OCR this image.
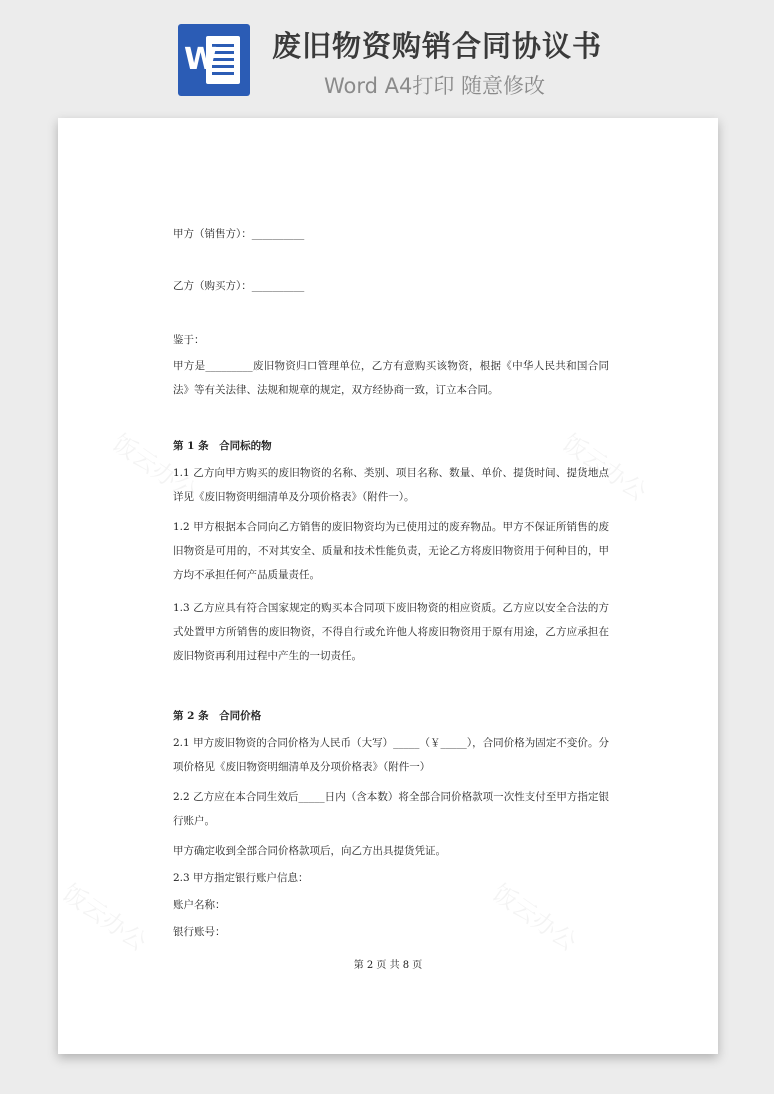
W 废旧物资购销合同协议书
Word A4打印 随意修改
甲方（销售方）：__________
乙方（购买方）：__________
鉴于：
甲方是_________废旧物资归口管理单位，乙方有意购买该物资，根据《中华人民共和国合同法》等有关法律、法规和规章的规定，双方经协商一致，订立本合同。
第 1 条　合同标的物
1.1 乙方向甲方购买的废旧物资的名称、类别、项目名称、数量、单价、提货时间、提货地点详见《废旧物资明细清单及分项价格表》（附件一）。
1.2 甲方根据本合同向乙方销售的废旧物资均为已使用过的废弃物品。甲方不保证所销售的废旧物资是可用的，不对其安全、质量和技术性能负责，无论乙方将废旧物资用于何种目的，甲方均不承担任何产品质量责任。
1.3 乙方应具有符合国家规定的购买本合同项下废旧物资的相应资质。乙方应以安全合法的方式处置甲方所销售的废旧物资，不得自行或允许他人将废旧物资用于原有用途，乙方应承担在废旧物资再利用过程中产生的一切责任。
第 2 条　合同价格
2.1 甲方废旧物资的合同价格为人民币（大写）_____（￥_____），合同价格为固定不变价。分项价格见《废旧物资明细清单及分项价格表》（附件一）
2.2 乙方应在本合同生效后_____日内（含本数）将全部合同价格款项一次性支付至甲方指定银行账户。
甲方确定收到全部合同价格款项后，向乙方出具提货凭证。
2.3 甲方指定银行账户信息：
账户名称：
银行账号：
第 2 页 共 8 页
